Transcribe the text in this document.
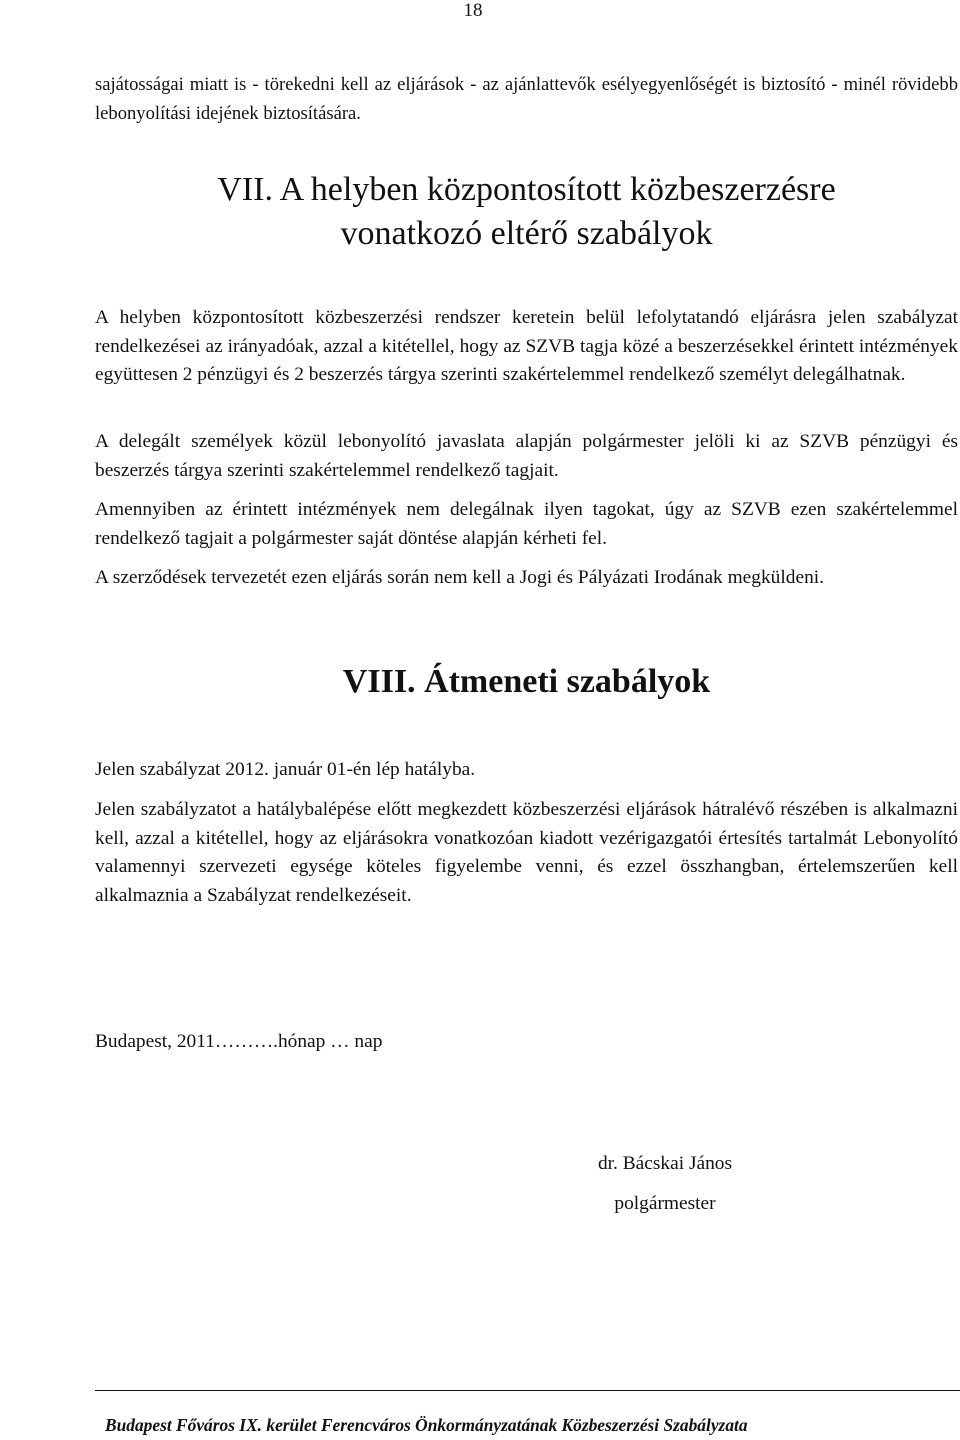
18

sajátosságai miatt is - törekedni kell az eljárások - az ajánlattevők esélyegyenlőségét is biztosító - minél rövidebb lebonyolítási idejének biztosítására.

VII. A helyben központosított közbeszerzésre
vonatkozó eltérő szabályok

A helyben központosított közbeszerzési rendszer keretein belül lefolytatandó eljárásra jelen szabályzat rendelkezései az irányadóak, azzal a kitétellel, hogy az SZVB tagja közé a beszerzésekkel érintett intézmények együttesen 2 pénzügyi és 2 beszerzés tárgya szerinti szakértelemmel rendelkező személyt delegálhatnak.

A delegált személyek közül lebonyolító javaslata alapján polgármester jelöli ki az SZVB pénzügyi és beszerzés tárgya szerinti szakértelemmel rendelkező tagjait.

Amennyiben az érintett intézmények nem delegálnak ilyen tagokat, úgy az SZVB ezen szakértelemmel rendelkező tagjait a polgármester saját döntése alapján kérheti fel.

A szerződések tervezetét ezen eljárás során nem kell a Jogi és Pályázati Irodának megküldeni.

VIII. Átmeneti szabályok

Jelen szabályzat 2012. január 01-én lép hatályba.

Jelen szabályzatot a hatálybalépése előtt megkezdett közbeszerzési eljárások hátralévő részében is alkalmazni kell, azzal a kitétellel, hogy az eljárásokra vonatkozóan kiadott vezérigazgatói értesítés tartalmát Lebonyolító valamennyi szervezeti egysége köteles figyelembe venni, és ezzel összhangban, értelemszerűen kell alkalmaznia a Szabályzat rendelkezéseit.

Budapest, 2011……….hónap … nap

dr. Bácskai János
polgármester
Budapest Főváros IX. kerület Ferencváros Önkormányzatának Közbeszerzési Szabályzata
